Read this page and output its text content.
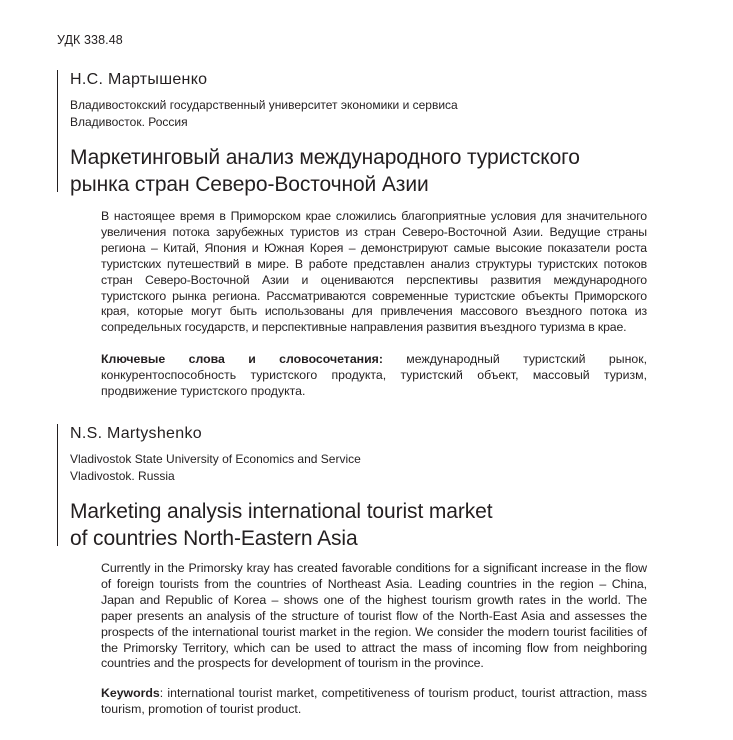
УДК 338.48
Н.С. Мартышенко
Владивостокский государственный университет экономики и сервиса
Владивосток. Россия
Маркетинговый анализ международного туристского
рынка стран Северо-Восточной Азии
В настоящее время в Приморском крае сложились благоприятные условия для значительного увеличения потока зарубежных туристов из стран Северо-Восточной Азии. Ведущие страны региона – Китай, Япония и Южная Корея – демонстрируют самые высокие показатели роста туристских путешествий в мире. В работе представлен анализ структуры туристских потоков стран Северо-Восточной Азии и оцениваются перспективы развития международного туристского рынка региона. Рассматриваются современные туристские объекты Приморского края, которые могут быть использованы для привлечения массового въездного потока из сопредельных государств, и перспективные направления развития въездного туризма в крае.
Ключевые слова и словосочетания: международный туристский рынок, конкурентоспособность туристского продукта, туристский объект, массовый туризм, продвижение туристского продукта.
N.S. Martyshenko
Vladivostok State University of Economics and Service
Vladivostok. Russia
Marketing analysis international tourist market
of countries North-Eastern Asia
Currently in the Primorsky kray has created favorable conditions for a significant increase in the flow of foreign tourists from the countries of Northeast Asia. Leading countries in the region – China, Japan and Republic of Korea – shows one of the highest tourism growth rates in the world. The paper presents an analysis of the structure of tourist flow of the North-East Asia and assesses the prospects of the international tourist market in the region. We consider the modern tourist facilities of the Primorsky Territory, which can be used to attract the mass of incoming flow from neighboring countries and the prospects for development of tourism in the province.
Keywords: international tourist market, competitiveness of tourism product, tourist attraction, mass tourism, promotion of tourist product.
